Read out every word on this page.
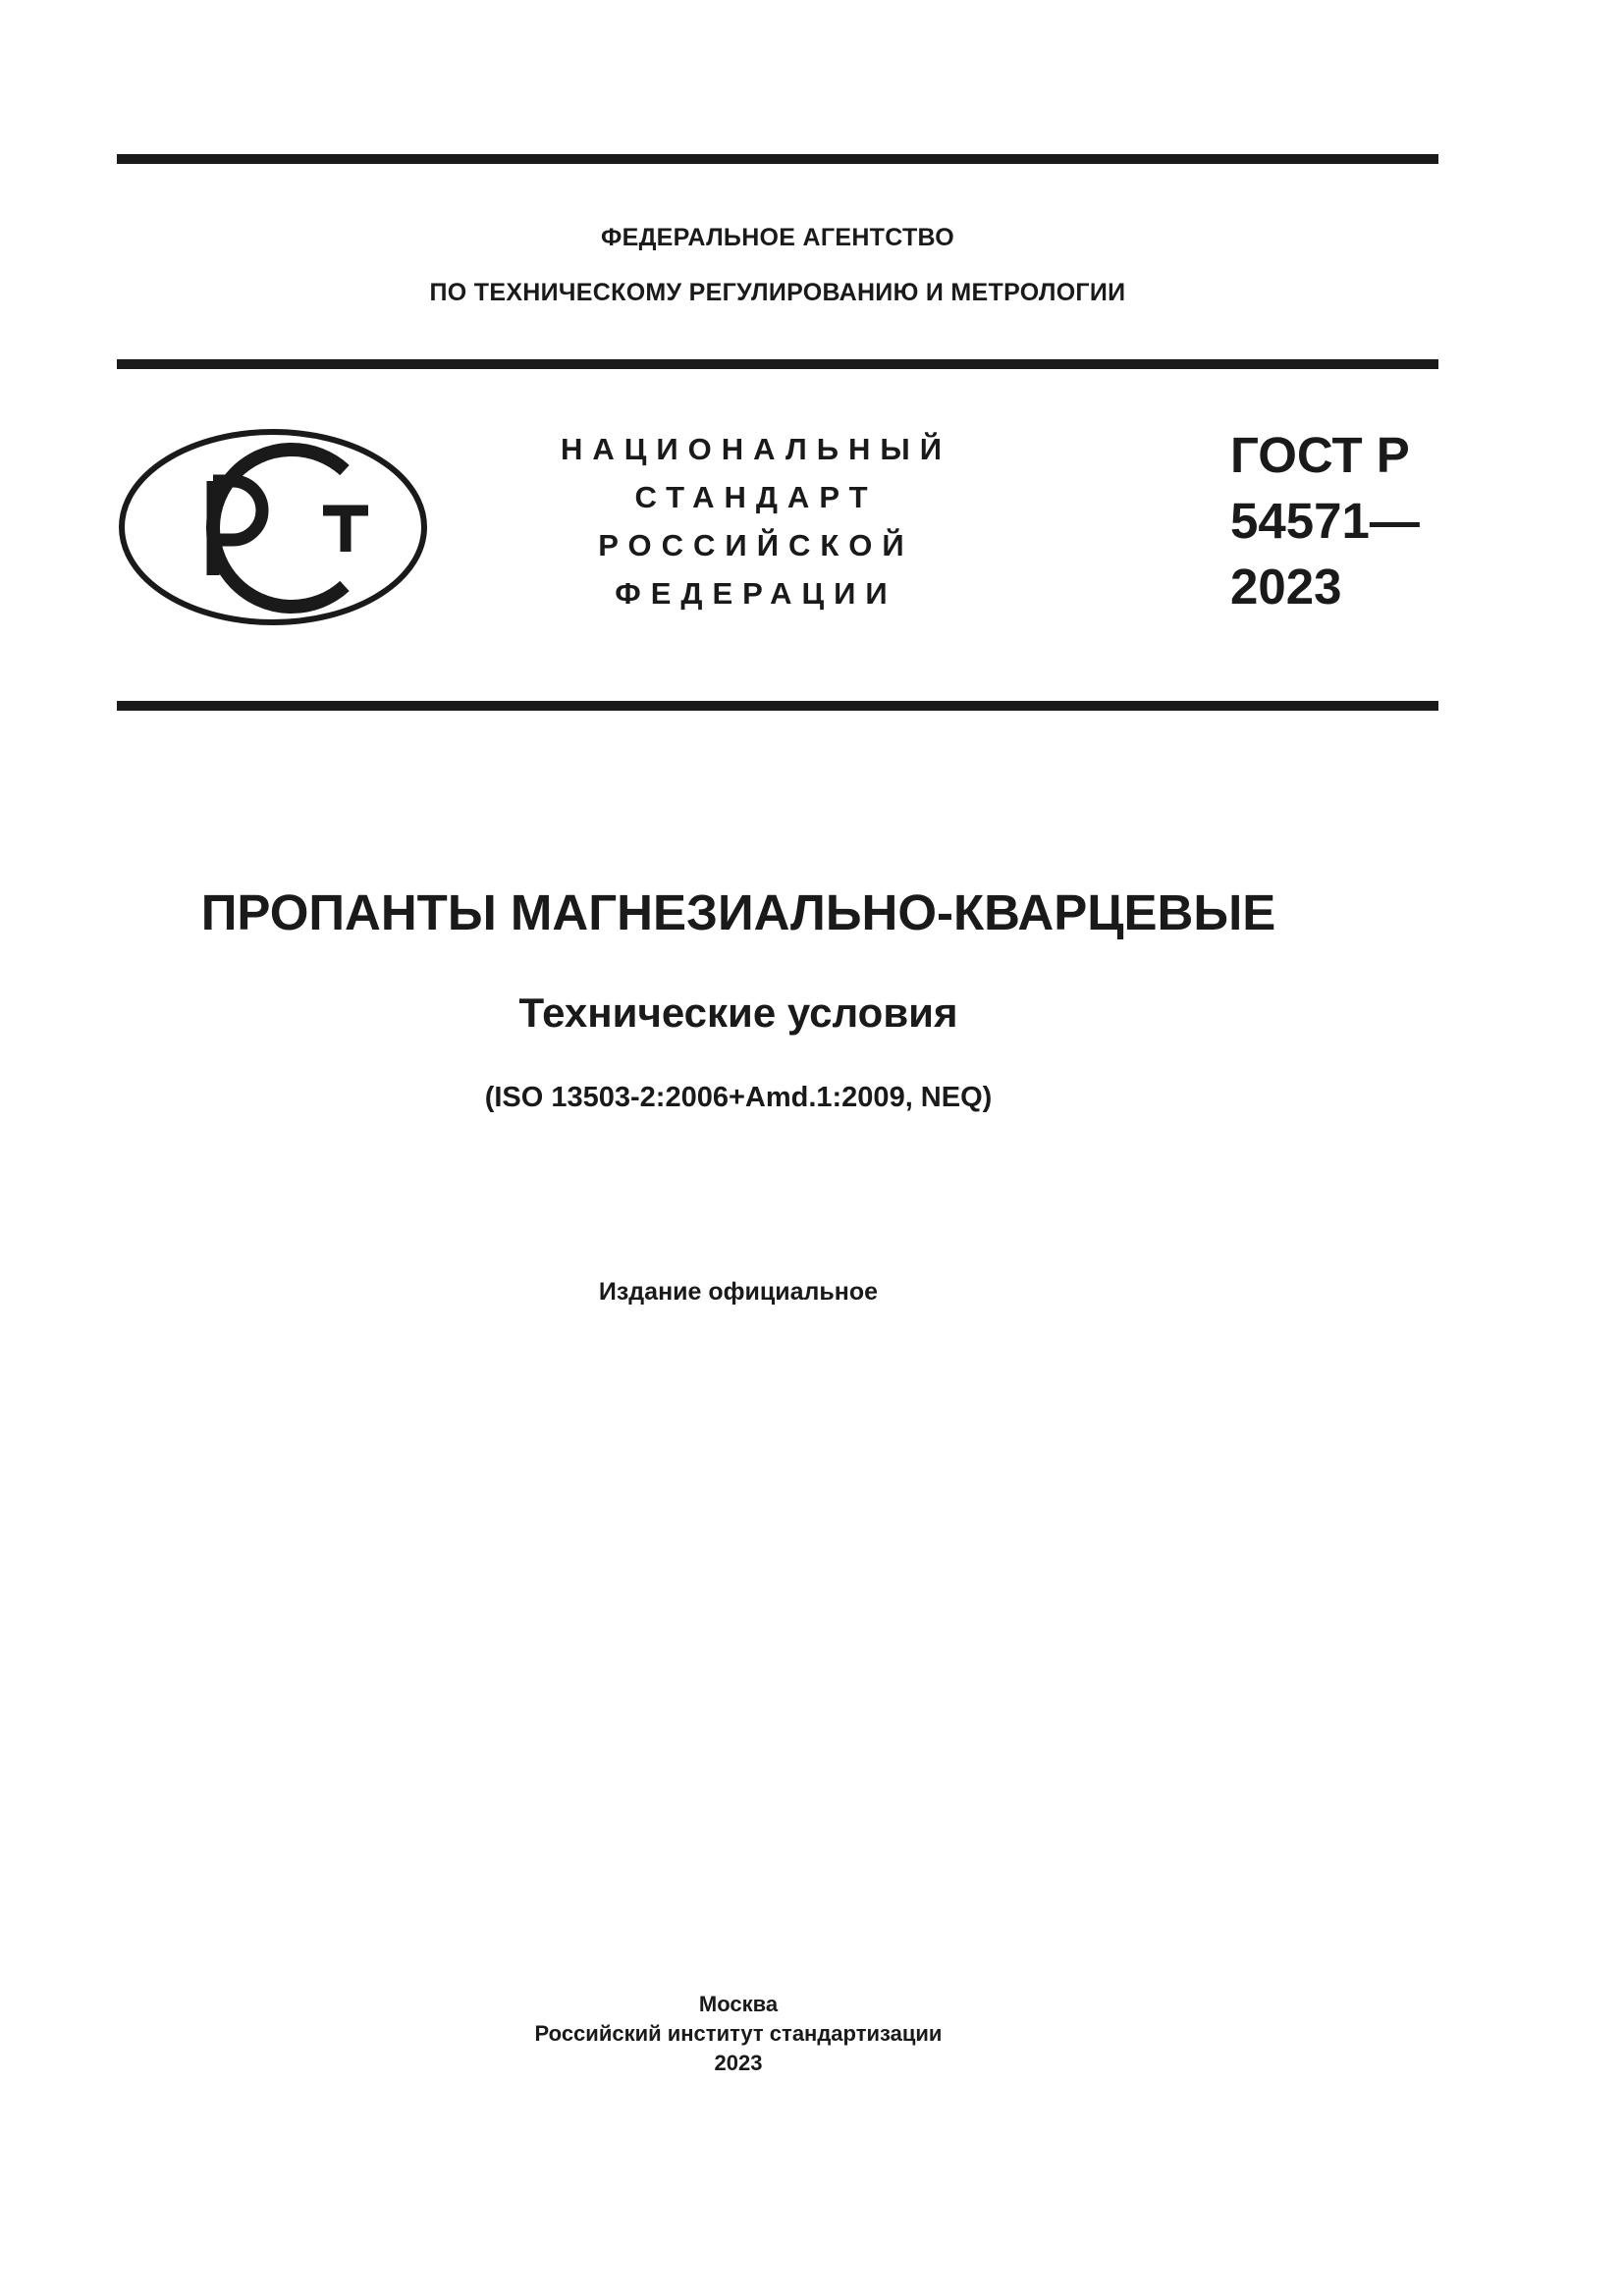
ФЕДЕРАЛЬНОЕ АГЕНТСТВО
ПО ТЕХНИЧЕСКОМУ РЕГУЛИРОВАНИЮ И МЕТРОЛОГИИ
НАЦИОНАЛЬНЫЙ
СТАНДАРТ
РОССИЙСКОЙ
ФЕДЕРАЦИИ
ГОСТ Р
54571—
2023
ПРОПАНТЫ МАГНЕЗИАЛЬНО-КВАРЦЕВЫЕ
Технические условия
(ISO 13503-2:2006+Amd.1:2009, NEQ)
Издание официальное
Москва
Российский институт стандартизации
2023
